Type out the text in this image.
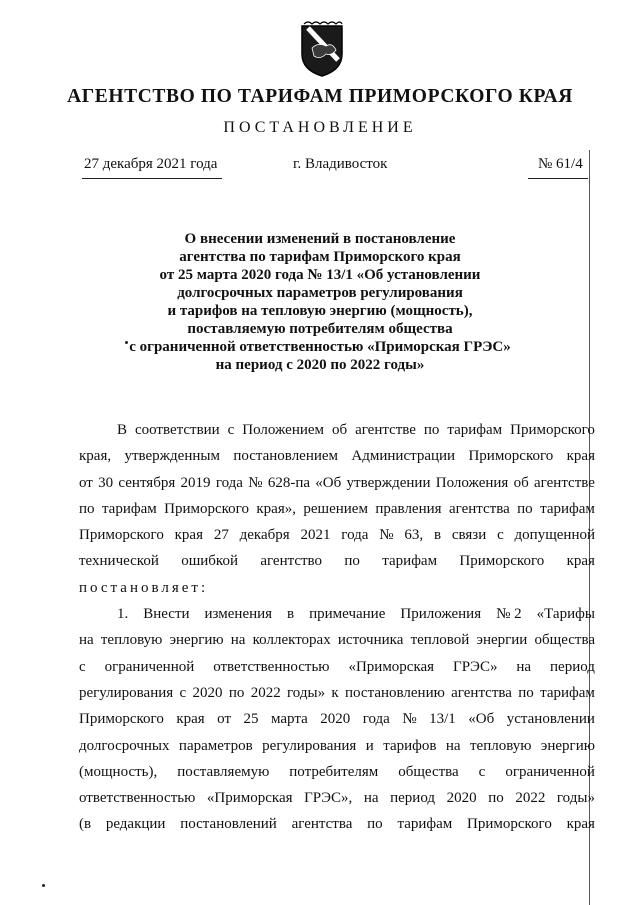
АГЕНТСТВО ПО ТАРИФАМ ПРИМОРСКОГО КРАЯ
ПОСТАНОВЛЕНИЕ
27 декабря 2021 года	г. Владивосток	№ 61/4
О внесении изменений в постановление
агентства по тарифам Приморского края
от 25 марта 2020 года № 13/1 «Об установлении
долгосрочных параметров регулирования
и тарифов на тепловую энергию (мощность),
поставляемую потребителям общества
с ограниченной ответственностью «Приморская ГРЭС»
на период с 2020 по 2022 годы»
В соответствии с Положением об агентстве по тарифам Приморского
края, утвержденным постановлением Администрации Приморского края
от 30 сентября 2019 года № 628-па «Об утверждении Положения об агентстве
по тарифам Приморского края», решением правления агентства по тарифам
Приморского края 27 декабря 2021 года № 63, в связи с допущенной
технической ошибкой агентство по тарифам Приморского края
постановляет:
1. Внести изменения в примечание Приложения № 2 «Тарифы
на тепловую энергию на коллекторах источника тепловой энергии общества
с ограниченной ответственностью «Приморская ГРЭС» на период
регулирования с 2020 по 2022 годы» к постановлению агентства по тарифам
Приморского края от 25 марта 2020 года № 13/1 «Об установлении
долгосрочных параметров регулирования и тарифов на тепловую энергию
(мощность), поставляемую потребителям общества с ограниченной
ответственностью «Приморская ГРЭС», на период 2020 по 2022 годы»
(в редакции постановлений агентства по тарифам Приморского края
